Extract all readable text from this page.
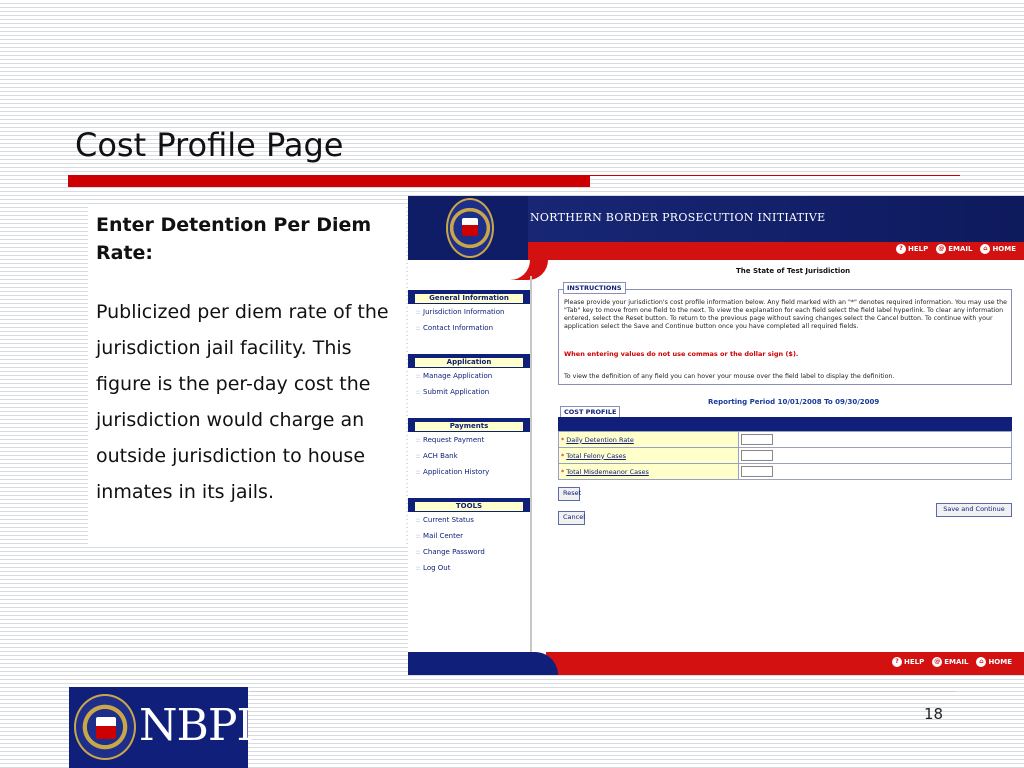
Cost Profile Page
Enter Detention Per Diem Rate:
Publicized per diem rate of the jurisdiction jail facility. This figure is the per-day cost the jurisdiction would charge an outside jurisdiction to house inmates in its jails.
NORTHERN BORDER PROSECUTION INITIATIVE
? HELP	@ EMAIL	⌂ HOME
General Information
:: Jurisdiction Information
:: Contact Information
Application
:: Manage Application
:: Submit Application
Payments
:: Request Payment
:: ACH Bank
:: Application History
TOOLS
:: Current Status
:: Mail Center
:: Change Password
:: Log Out
The State of Test Jurisdiction
INSTRUCTIONS
Please provide your jurisdiction's cost profile information below. Any field marked with an "*" denotes required information. You may use the "Tab" key to move from one field to the next. To view the explanation for each field select the field label hyperlink. To clear any information entered, select the Reset button. To return to the previous page without saving changes select the Cancel button. To continue with your application select the Save and Continue button once you have completed all required fields.
When entering values do not use commas or the dollar sign ($).
To view the definition of any field you can hover your mouse over the field label to display the definition.
Reporting Period 10/01/2008 To 09/30/2009
COST PROFILE
* Daily Detention Rate	
* Total Felony Cases	
* Total Misdemeanor Cases	
Reset
Cancel
Save and Continue
? HELP	@ EMAIL	⌂ HOME
NBPI	18
